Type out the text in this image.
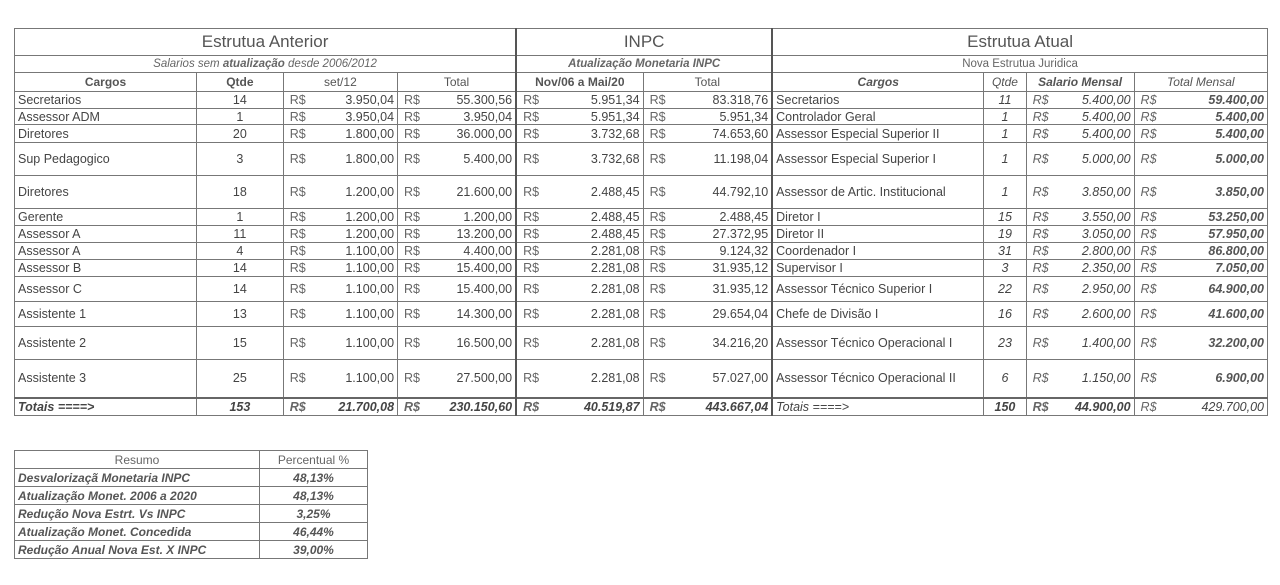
Estrutua Anterior						INPC				Estrutua Atual					
Salarios sem atualização desde 2006/2012						Atualização Monetaria INPC				Nova Estrutua Juridica					
Cargos	Qtde	set/12		Total		Nov/06 a Mai/20		Total		Cargos	Qtde	Salario Mensal		Total Mensal	
Secretarios	14	R$	3.950,04	R$	55.300,56	R$	5.951,34	R$	83.318,76	Secretarios	11	R$	5.400,00	R$	59.400,00
Assessor ADM	1	R$	3.950,04	R$	3.950,04	R$	5.951,34	R$	5.951,34	Controlador Geral	1	R$	5.400,00	R$	5.400,00
Diretores	20	R$	1.800,00	R$	36.000,00	R$	3.732,68	R$	74.653,60	Assessor Especial Superior II	1	R$	5.400,00	R$	5.400,00
Sup Pedagogico	3	R$	1.800,00	R$	5.400,00	R$	3.732,68	R$	11.198,04	Assessor Especial Superior I	1	R$	5.000,00	R$	5.000,00
Diretores	18	R$	1.200,00	R$	21.600,00	R$	2.488,45	R$	44.792,10	Assessor de Artic. Institucional	1	R$	3.850,00	R$	3.850,00
Gerente	1	R$	1.200,00	R$	1.200,00	R$	2.488,45	R$	2.488,45	Diretor I	15	R$	3.550,00	R$	53.250,00
Assessor A	11	R$	1.200,00	R$	13.200,00	R$	2.488,45	R$	27.372,95	Diretor II	19	R$	3.050,00	R$	57.950,00
Assessor A	4	R$	1.100,00	R$	4.400,00	R$	2.281,08	R$	9.124,32	Coordenador I	31	R$	2.800,00	R$	86.800,00
Assessor B	14	R$	1.100,00	R$	15.400,00	R$	2.281,08	R$	31.935,12	Supervisor I	3	R$	2.350,00	R$	7.050,00
Assessor C	14	R$	1.100,00	R$	15.400,00	R$	2.281,08	R$	31.935,12	Assessor Técnico Superior I	22	R$	2.950,00	R$	64.900,00
Assistente 1	13	R$	1.100,00	R$	14.300,00	R$	2.281,08	R$	29.654,04	Chefe de Divisão I	16	R$	2.600,00	R$	41.600,00
Assistente 2	15	R$	1.100,00	R$	16.500,00	R$	2.281,08	R$	34.216,20	Assessor Técnico Operacional I	23	R$	1.400,00	R$	32.200,00
Assistente 3	25	R$	1.100,00	R$	27.500,00	R$	2.281,08	R$	57.027,00	Assessor Técnico Operacional II	6	R$	1.150,00	R$	6.900,00
Totais ====>	153	R$	21.700,08	R$	230.150,60	R$	40.519,87	R$	443.667,04	Totais ====>	150	R$	44.900,00	R$	429.700,00
Resumo	Percentual %
Desvalorizaçã Monetaria INPC	48,13%
Atualização Monet. 2006 a 2020	48,13%
Redução Nova Estrt. Vs INPC	3,25%
Atualização Monet. Concedida	46,44%
Redução Anual Nova Est. X INPC	39,00%
